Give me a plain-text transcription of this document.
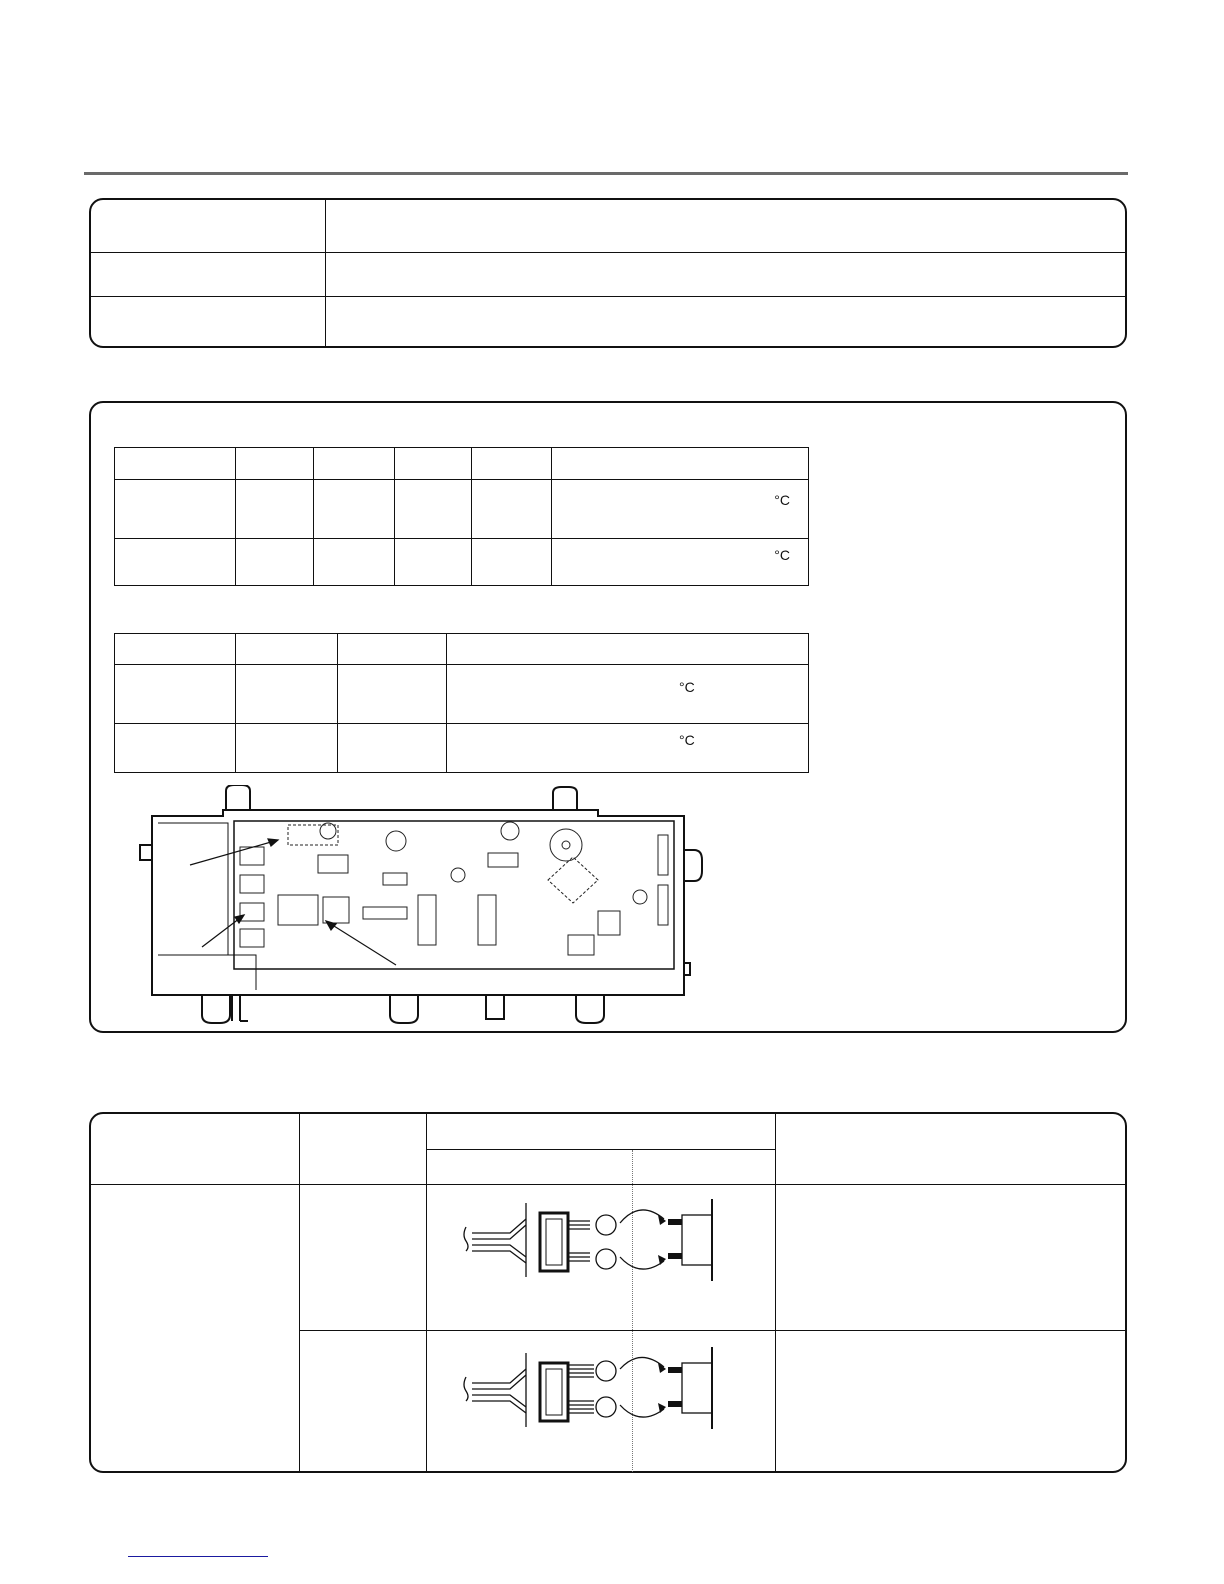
					°C

					°C

			°C

			°C
